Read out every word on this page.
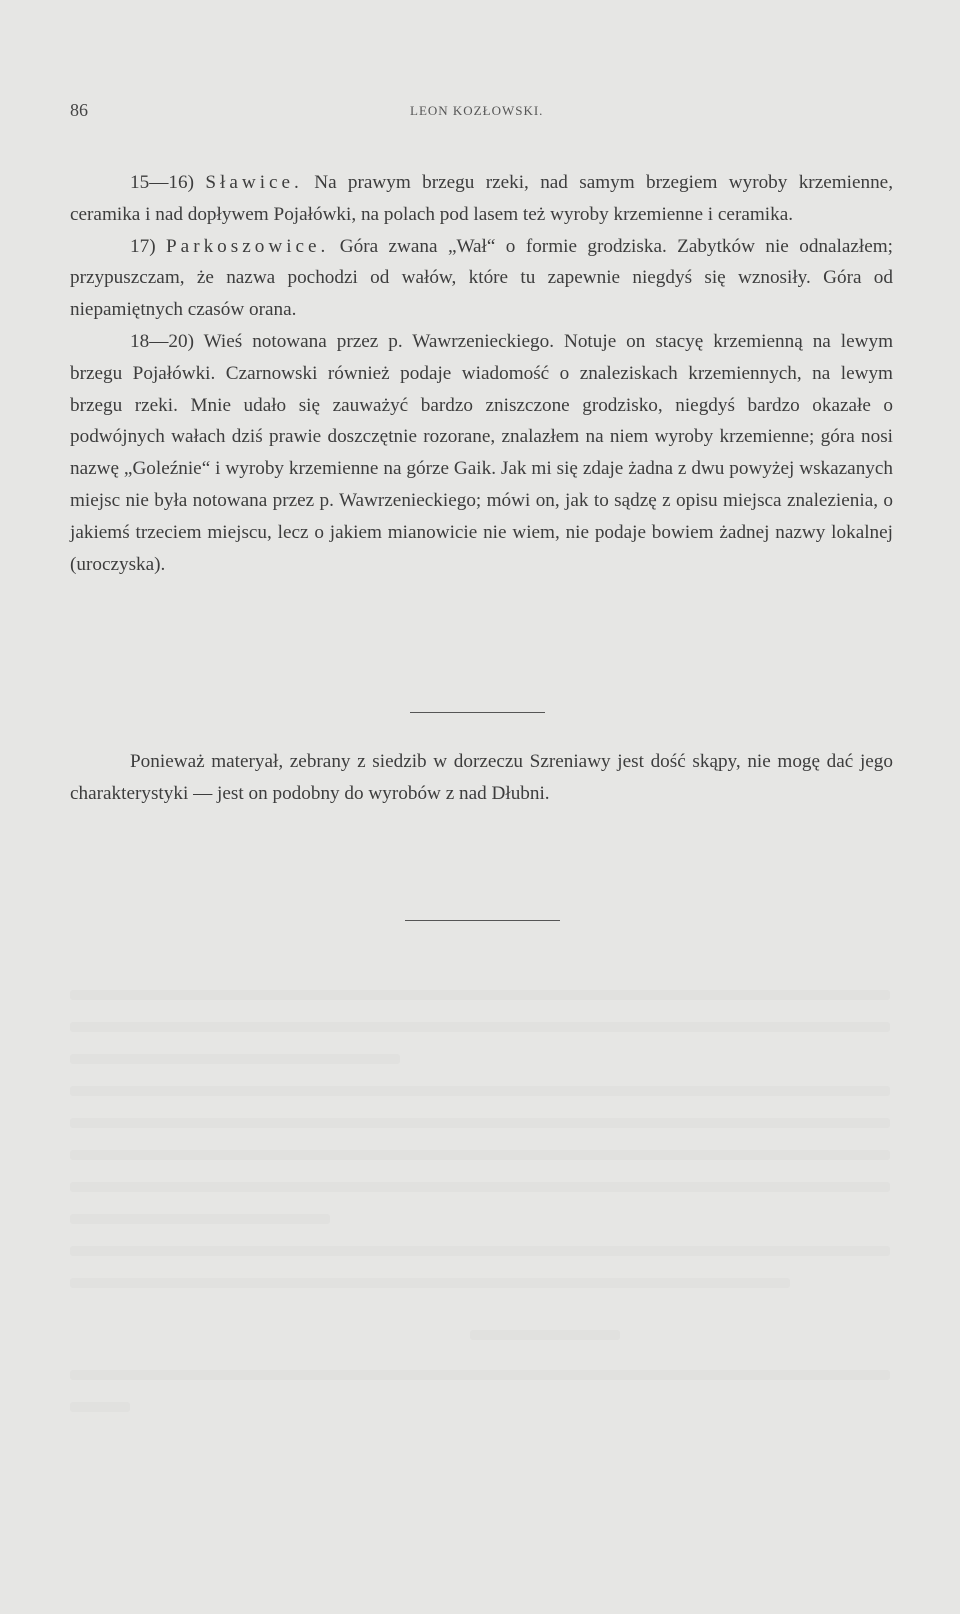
86	LEON KOZŁOWSKI.

15—16) Sławice. Na prawym brzegu rzeki, nad samym brzegiem wyroby krzemienne, ceramika i nad dopływem Pojałówki, na polach pod lasem też wyroby krzemienne i ceramika.

17) Parkoszowice. Góra zwana „Wał“ o formie grodziska. Zabytków nie odnalazłem; przypuszczam, że nazwa pochodzi od wałów, które tu zapewnie niegdyś się wznosiły. Góra od niepamiętnych czasów orana.

18—20) Wieś notowana przez p. Wawrzenieckiego. Notuje on stacyę krzemienną na lewym brzegu Pojałówki. Czarnowski również podaje wiadomość o znaleziskach krzemiennych, na lewym brzegu rzeki. Mnie udało się zauważyć bardzo zniszczone grodzisko, niegdyś bardzo okazałe o podwójnych wałach dziś prawie doszczętnie rozorane, znalazłem na niem wyroby krzemienne; góra nosi nazwę „Goleźnie“ i wyroby krzemienne na górze Gaik. Jak mi się zdaje żadna z dwu powyżej wskazanych miejsc nie była notowana przez p. Wawrzenieckiego; mówi on, jak to sądzę z opisu miejsca znalezienia, o jakiemś trzeciem miejscu, lecz o jakiem mianowicie nie wiem, nie podaje bowiem żadnej nazwy lokalnej (uroczyska).

Ponieważ materyał, zebrany z siedzib w dorzeczu Szreniawy jest dość skąpy, nie mogę dać jego charakterystyki — jest on podobny do wyrobów z nad Dłubni.
